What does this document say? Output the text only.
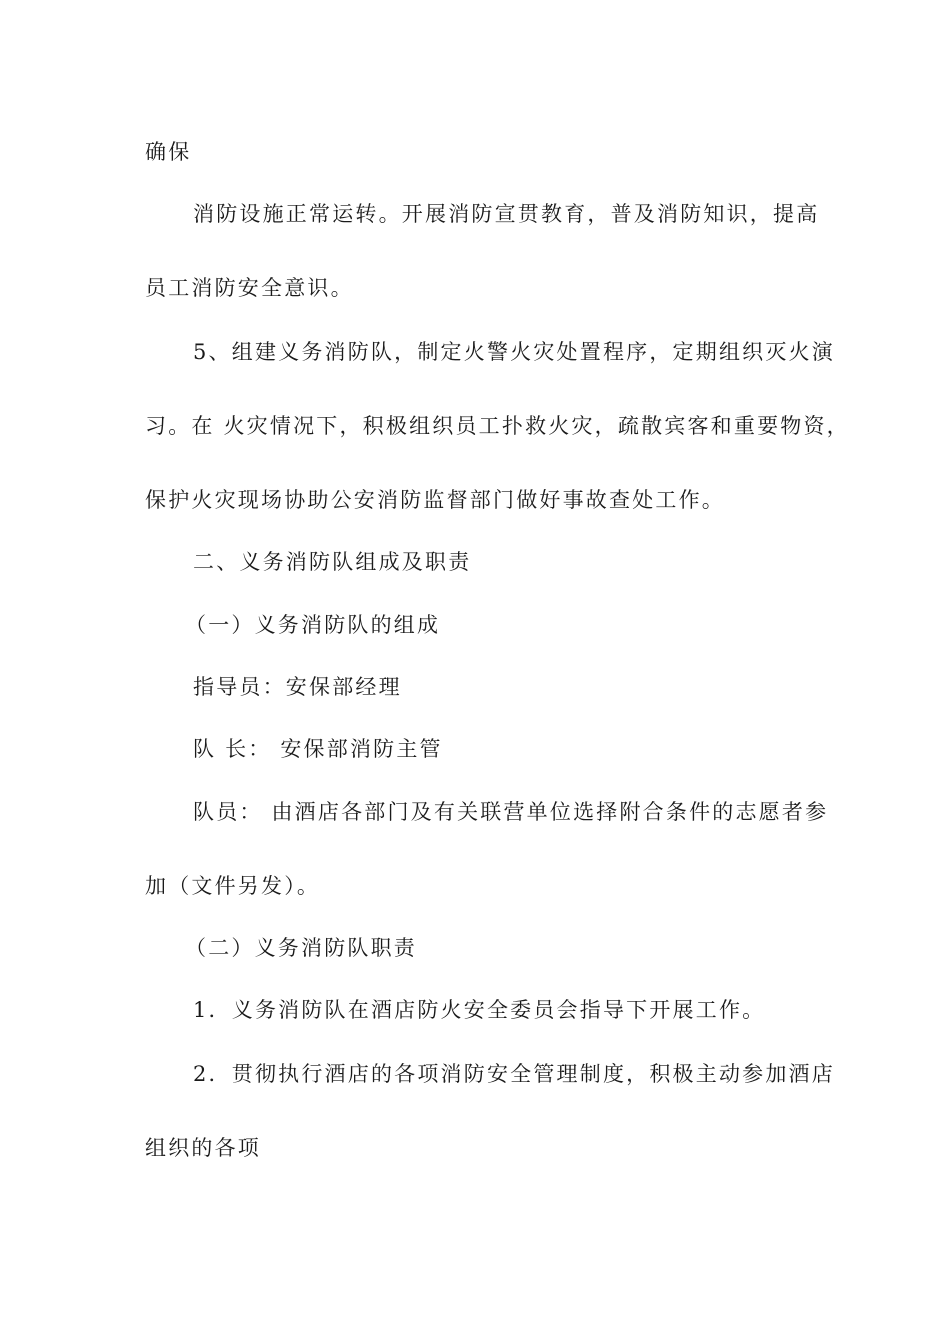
确保
消防设施正常运转。开展消防宣贯教育，普及消防知识，提高
员工消防安全意识。
5、组建义务消防队，制定火警火灾处置程序，定期组织灭火演
习。在 火灾情况下，积极组织员工扑救火灾，疏散宾客和重要物资，
保护火灾现场协助公安消防监督部门做好事故查处工作。
二、义务消防队组成及职责
（一）义务消防队的组成
指导员：安保部经理
队 长： 安保部消防主管
队员： 由酒店各部门及有关联营单位选择附合条件的志愿者参
加（文件另发）。
（二）义务消防队职责
1．义务消防队在酒店防火安全委员会指导下开展工作。
2．贯彻执行酒店的各项消防安全管理制度，积极主动参加酒店
组织的各项
